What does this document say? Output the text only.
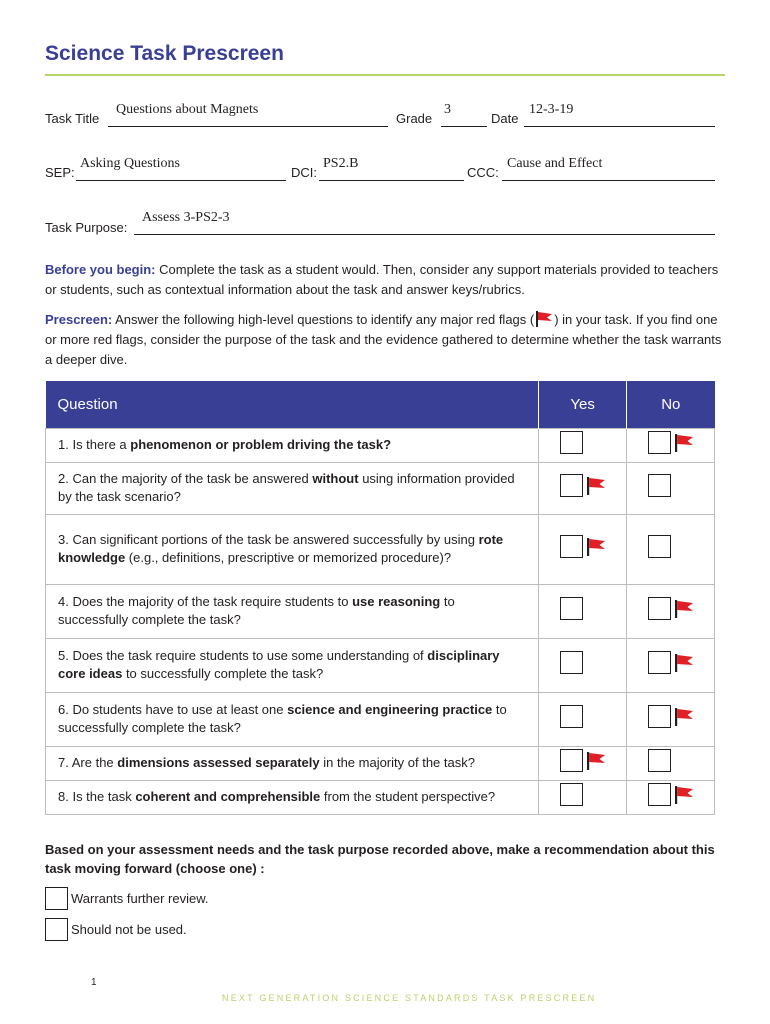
Science Task Prescreen
Task Title
Questions about Magnets
Grade
3
Date
12-3-19
SEP:
Asking Questions
DCI:
PS2.B
CCC:
Cause and Effect
Task Purpose:
Assess 3-PS2-3
Before you begin: Complete the task as a student would. Then, consider any support materials provided to teachers or students, such as contextual information about the task and answer keys/rubrics.
Prescreen: Answer the following high-level questions to identify any major red flags ( ) in your task. If you find one or more red flags, consider the purpose of the task and the evidence gathered to determine whether the task warrants a deeper dive.
Question	Yes	No
1. Is there a phenomenon or problem driving the task?	

2. Can the majority of the task be answered without using information provided by the task scenario?	

3. Can significant portions of the task be answered successfully by using rote knowledge (e.g., definitions, prescriptive or memorized procedure)?	

4. Does the majority of the task require students to use reasoning to successfully complete the task?	

5. Does the task require students to use some understanding of disciplinary core ideas to successfully complete the task?	

6. Do students have to use at least one science and engineering practice to successfully complete the task?	

7. Are the dimensions assessed separately in the majority of the task?	

8. Is the task coherent and comprehensible from the student perspective?	

Based on your assessment needs and the task purpose recorded above, make a recommendation about this task moving forward (choose one) :
Warrants further review.
Should not be used.
1
NEXT GENERATION SCIENCE STANDARDS TASK PRESCREEN
